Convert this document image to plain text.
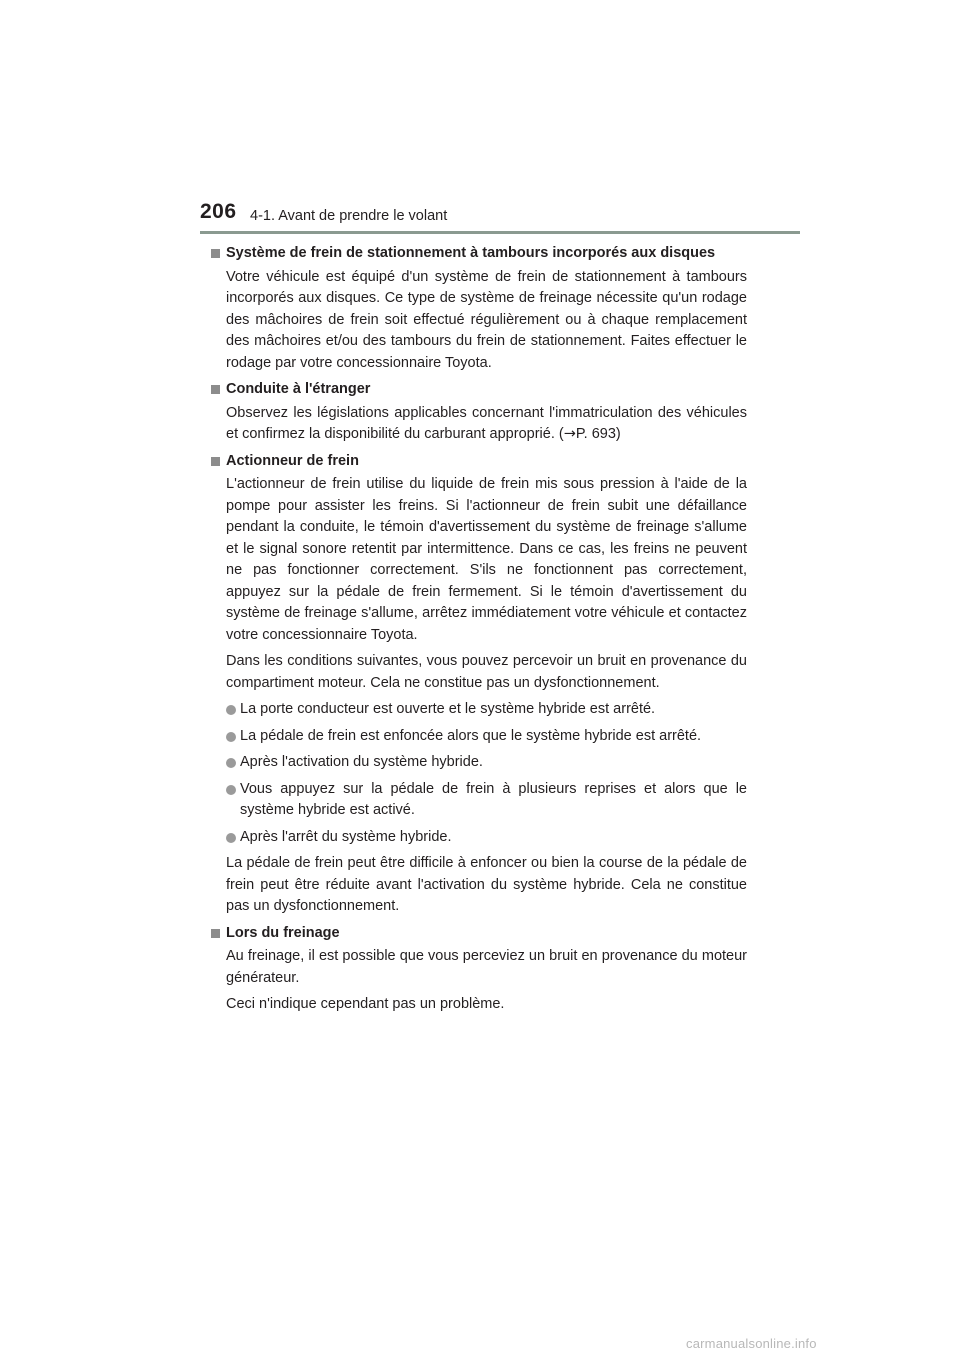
206 4-1. Avant de prendre le volant
Système de frein de stationnement à tambours incorporés aux disques

Votre véhicule est équipé d'un système de frein de stationnement à tambours incorporés aux disques. Ce type de système de freinage nécessite qu'un rodage des mâchoires de frein soit effectué régulièrement ou à chaque remplacement des mâchoires et/ou des tambours du frein de stationnement. Faites effectuer le rodage par votre concessionnaire Toyota.

Conduite à l'étranger

Observez les législations applicables concernant l'immatriculation des véhicules et confirmez la disponibilité du carburant approprié. (→P. 693)

Actionneur de frein

L'actionneur de frein utilise du liquide de frein mis sous pression à l'aide de la pompe pour assister les freins. Si l'actionneur de frein subit une défaillance pendant la conduite, le témoin d'avertissement du système de freinage s'allume et le signal sonore retentit par intermittence. Dans ce cas, les freins ne peuvent ne pas fonctionner correctement. S'ils ne fonctionnent pas correctement, appuyez sur la pédale de frein fermement. Si le témoin d'avertissement du système de freinage s'allume, arrêtez immédiatement votre véhicule et contactez votre concessionnaire Toyota.

Dans les conditions suivantes, vous pouvez percevoir un bruit en provenance du compartiment moteur. Cela ne constitue pas un dysfonctionnement.

La porte conducteur est ouverte et le système hybride est arrêté.
La pédale de frein est enfoncée alors que le système hybride est arrêté.
Après l'activation du système hybride.
Vous appuyez sur la pédale de frein à plusieurs reprises et alors que le système hybride est activé.
Après l'arrêt du système hybride.

La pédale de frein peut être difficile à enfoncer ou bien la course de la pédale de frein peut être réduite avant l'activation du système hybride. Cela ne constitue pas un dysfonctionnement.

Lors du freinage

Au freinage, il est possible que vous perceviez un bruit en provenance du moteur générateur.

Ceci n'indique cependant pas un problème.

carmanualsonline.info
